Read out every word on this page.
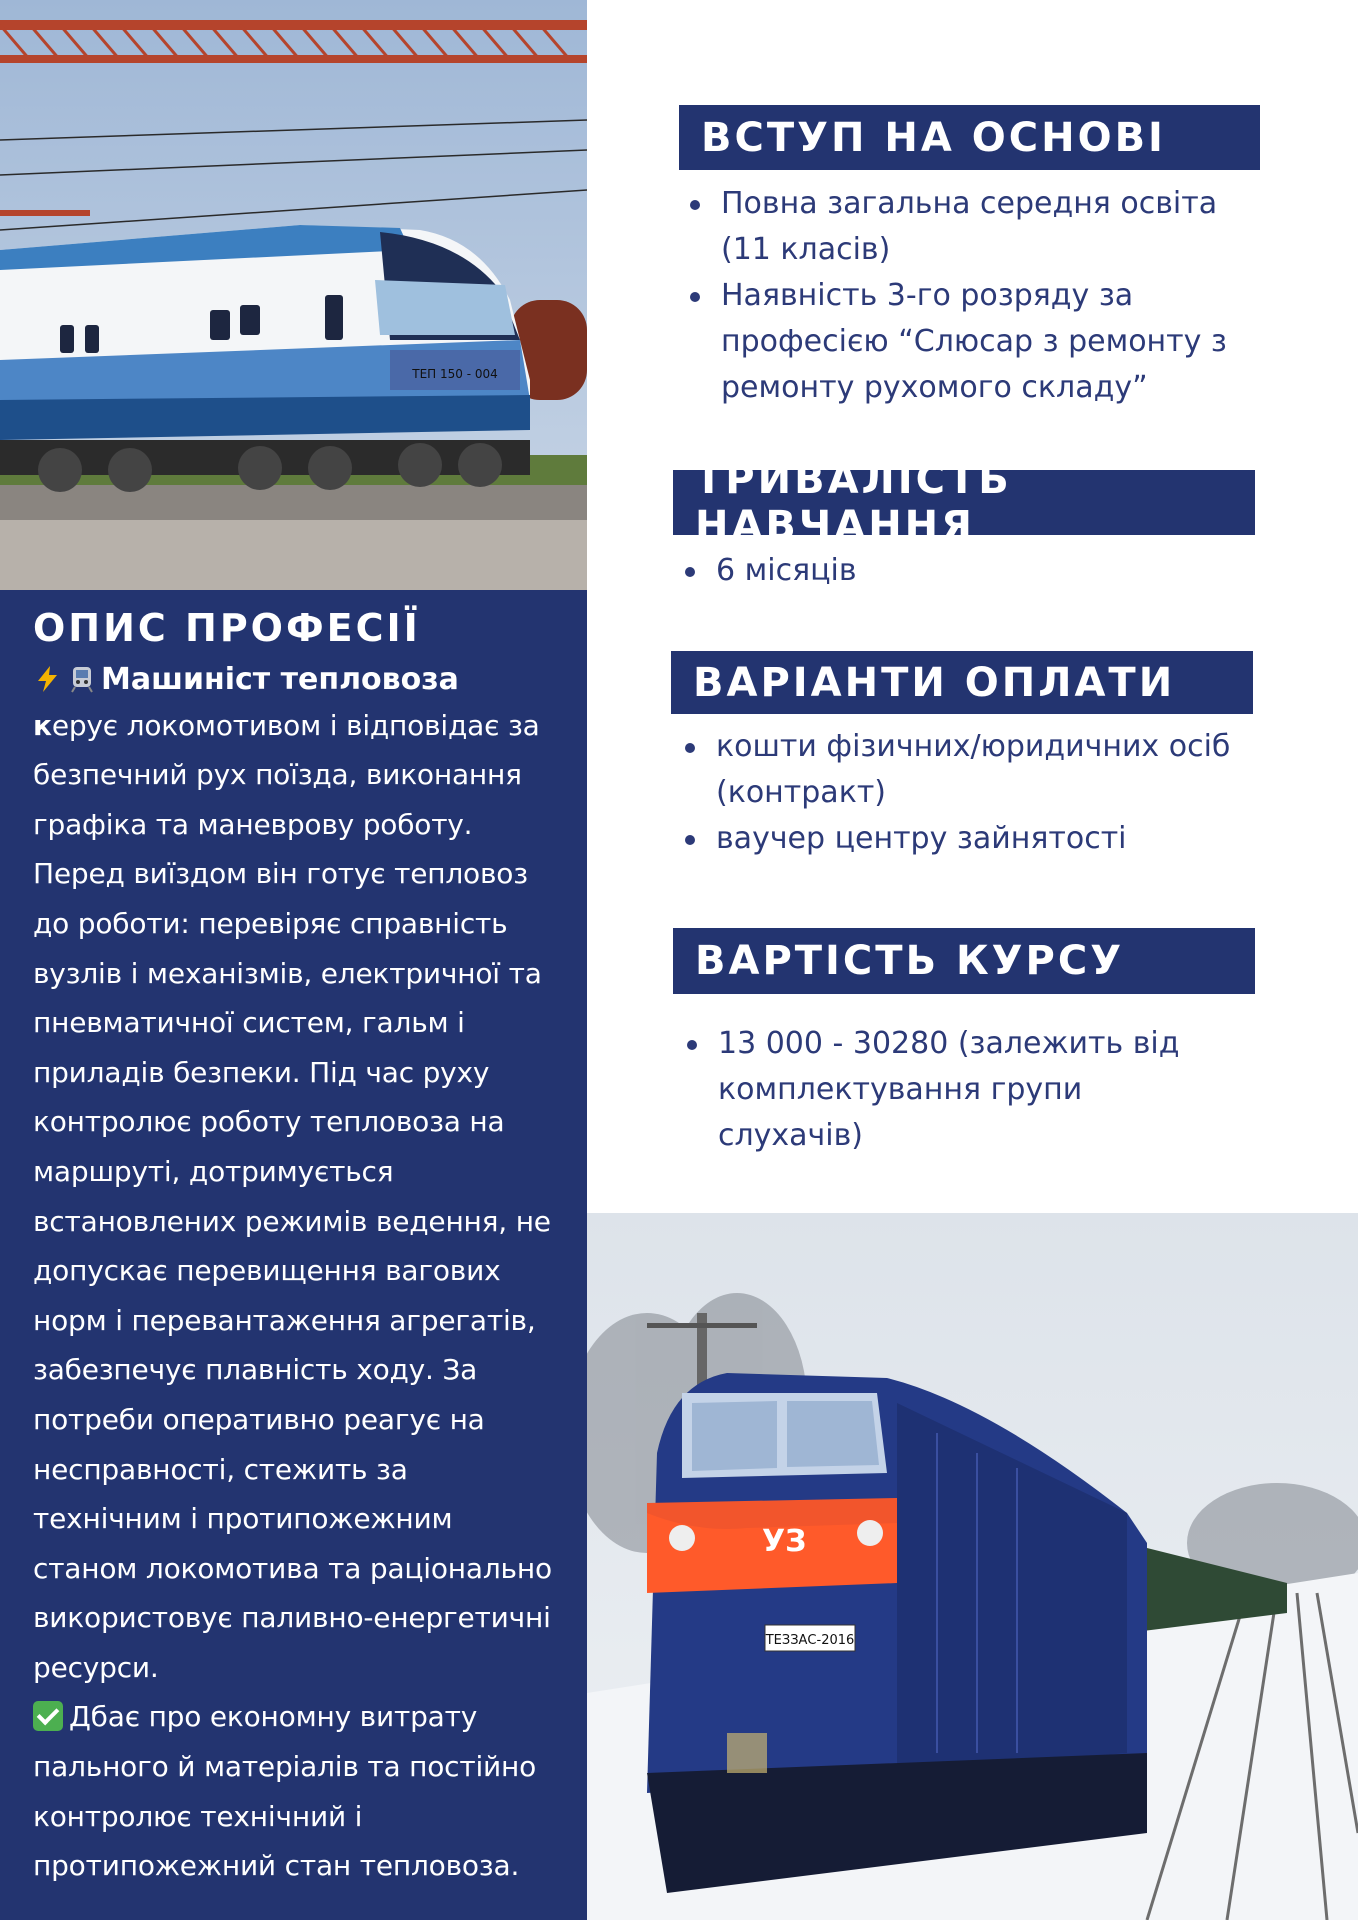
ТЕП 150 - 004
ОПИС ПРОФЕСІЇ

Машиніст тепловоза

керує локомотивом і відповідає за безпечний рух поїзда, виконання графіка та маневрову роботу. Перед виїздом він готує тепловоз до роботи: перевіряє справність вузлів і механізмів, електричної та пневматичної систем, гальм і приладів безпеки. Під час руху контролює роботу тепловоза на маршруті, дотримується встановлених режимів ведення, не допускає перевищення вагових норм і перевантаження агрегатів, забезпечує плавність ходу. За потреби оперативно реагує на несправності, стежить за технічним і протипожежним станом локомотива та раціонально використовує паливно-енергетичні ресурси.
Дбає про економну витрату пального й матеріалів та постійно контролює технічний і протипожежний стан тепловоза.

ВСТУП НА ОСНОВІ
Повна загальна середня освіта (11 класів)
Наявність 3-го розряду за професією “Слюсар з ремонту з ремонту рухомого складу”
ТРИВАЛІСТЬ НАВЧАННЯ
6 місяців
ВАРІАНТИ ОПЛАТИ
кошти фізичних/юридичних осіб (контракт)
ваучер центру зайнятості
ВАРТІСТЬ КУРСУ
13 000 - 30280 (залежить від комплектування групи слухачів)
УЗ
ТЕЗЗАС-2016
